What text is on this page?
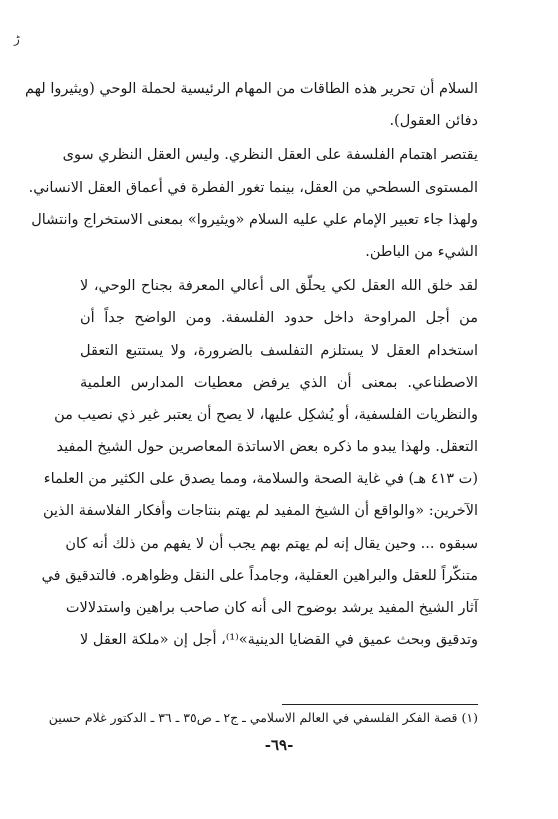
ڑ
السلام أن تحرير هذه الطاقات من المهام الرئيسية لحملة الوحي (ويثيروا لهم
دفائن العقول).
يقتصر اهتمام الفلسفة على العقل النظري. وليس العقل النظري سوى
المستوى السطحي من العقل، بينما تغور الفطرة في أعماق العقل الانساني.
ولهذا جاء تعبير الإمام علي عليه السلام «ويثيروا» بمعنى الاستخراج وانتشال
الشيء من الباطن.
لقد خلق الله العقل لكي يحلّق الى أعالي المعرفة بجناح الوحي، لا
من أجل المراوحة داخل حدود الفلسفة. ومن الواضح جداً أن
استخدام العقل لا يستلزم التفلسف بالضرورة، ولا يستتبع التعقل
الاصطناعي. بمعنى أن الذي يرفض معطيات المدارس العلمية
والنظريات الفلسفية، أو يُشكِل عليها، لا يصح أن يعتبر غير ذي نصيب من
التعقل. ولهذا يبدو ما ذكره بعض الاساتذة المعاصرين حول الشيخ المفيد
(ت ٤١٣ هـ) في غاية الصحة والسلامة، ومما يصدق على الكثير من العلماء
الآخرين: «والواقع أن الشيخ المفيد لم يهتم بنتاجات وأفكار الفلاسفة الذين
سبقوه ... وحين يقال إنه لم يهتم بهم يجب أن لا يفهم من ذلك أنه كان
متنكّراً للعقل والبراهين العقلية، وجامداً على النقل وظواهره. فالتدقيق في
آثار الشيخ المفيد يرشد بوضوح الى أنه كان صاحب براهين واستدلالات
وتدقيق وبحث عميق في القضايا الدينية»⁽¹⁾، أجل إن «ملكة العقل لا
(١) قصة الفكر الفلسفي في العالم الاسلامي ـ ج٢ ـ ص٣٥ ـ ٣٦ ـ الدكتور غلام حسين
-٦٩-
